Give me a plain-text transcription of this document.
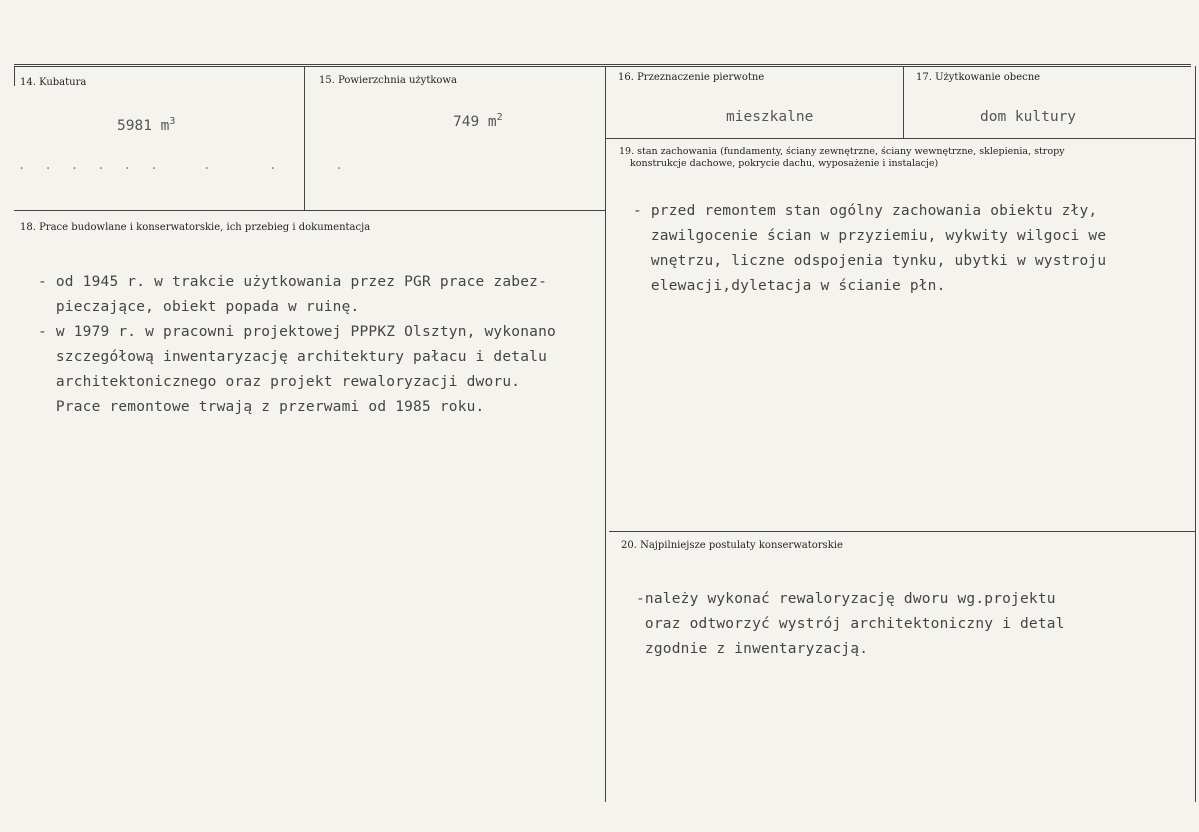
14. Kubatura
5981 $m^3$
. . . . . .   .    .    .
15. Powierzchnia użytkowa
749 $m^2$
16. Przeznaczenie pierwotne
mieszkalne
17. Użytkowanie obecne
dom kultury
18. Prace budowlane i konserwatorskie, ich przebieg i dokumentacja

- od 1945 r. w trakcie użytkowania przez PGR prace zabez-
pieczające, obiekt popada w ruinę.
- w 1979 r. w pracowni projektowej PPPKZ Olsztyn, wykonano
szczegółową inwentaryzację architektury pałacu i detalu
architektonicznego oraz projekt rewaloryzacji dworu.
Prace remontowe trwają z przerwami od 1985 roku.
19. stan zachowania (fundamenty, ściany zewnętrzne, ściany wewnętrzne, sklepienia, stropy
konstrukcje dachowe, pokrycie dachu, wyposażenie i instalacje)

- przed remontem stan ogólny zachowania obiektu zły,
zawilgocenie ścian w przyziemiu, wykwity wilgoci we
wnętrzu, liczne odspojenia tynku, ubytki w wystroju
elewacji,dyletacja w ścianie płn.
20. Najpilniejsze postulaty konserwatorskie

-należy wykonać rewaloryzację dworu wg.projektu
oraz odtworzyć wystrój architektoniczny i detal
zgodnie z inwentaryzacją.
